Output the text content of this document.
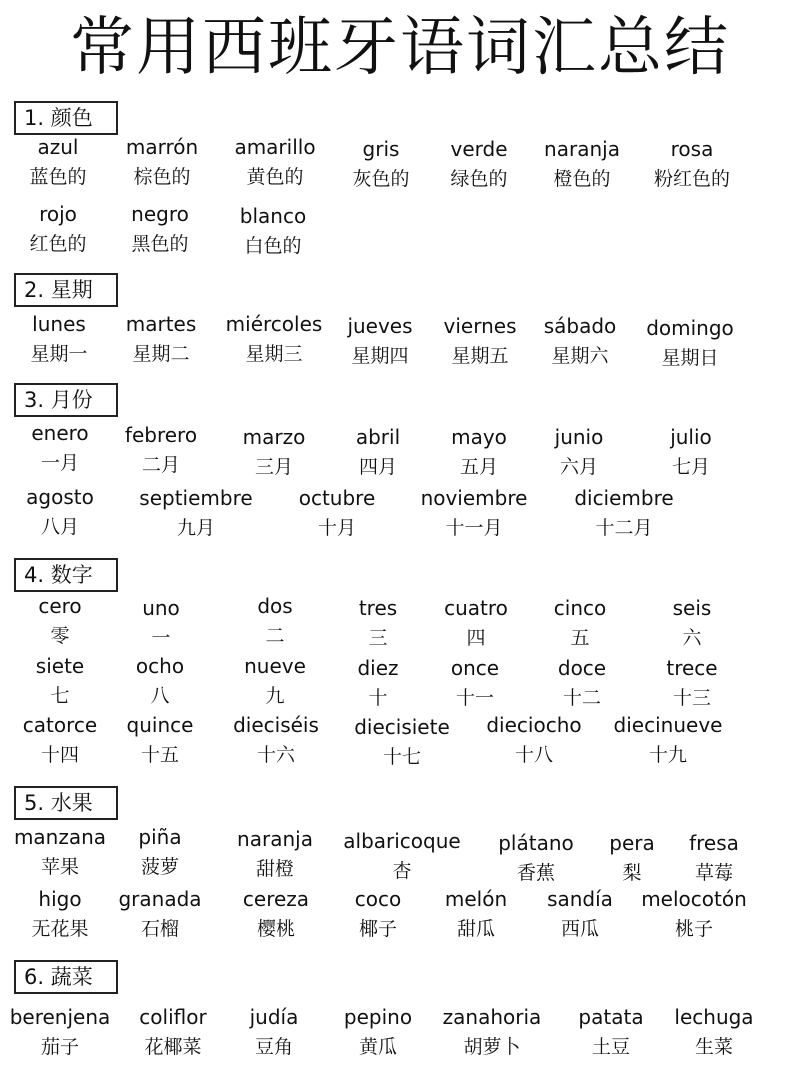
常用西班牙语词汇总结
1. 颜色
azul
蓝色的
marrón
棕色的
amarillo
黄色的
gris
灰色的
verde
绿色的
naranja
橙色的
rosa
粉红色的
rojo
红色的
negro
黑色的
blanco
白色的
2. 星期
lunes
星期一
martes
星期二
miércoles
星期三
jueves
星期四
viernes
星期五
sábado
星期六
domingo
星期日
3. 月份
enero
一月
febrero
二月
marzo
三月
abril
四月
mayo
五月
junio
六月
julio
七月
agosto
八月
septiembre
九月
octubre
十月
noviembre
十一月
diciembre
十二月
4. 数字
cero
零
uno
一
dos
二
tres
三
cuatro
四
cinco
五
seis
六
siete
七
ocho
八
nueve
九
diez
十
once
十一
doce
十二
trece
十三
catorce
十四
quince
十五
dieciséis
十六
diecisiete
十七
dieciocho
十八
diecinueve
十九
5. 水果
manzana
苹果
piña
菠萝
naranja
甜橙
albaricoque
杏
plátano
香蕉
pera
梨
fresa
草莓
higo
无花果
granada
石榴
cereza
樱桃
coco
椰子
melón
甜瓜
sandía
西瓜
melocotón
桃子
6. 蔬菜
berenjena
茄子
coliflor
花椰菜
judía
豆角
pepino
黄瓜
zanahoria
胡萝卜
patata
土豆
lechuga
生菜
